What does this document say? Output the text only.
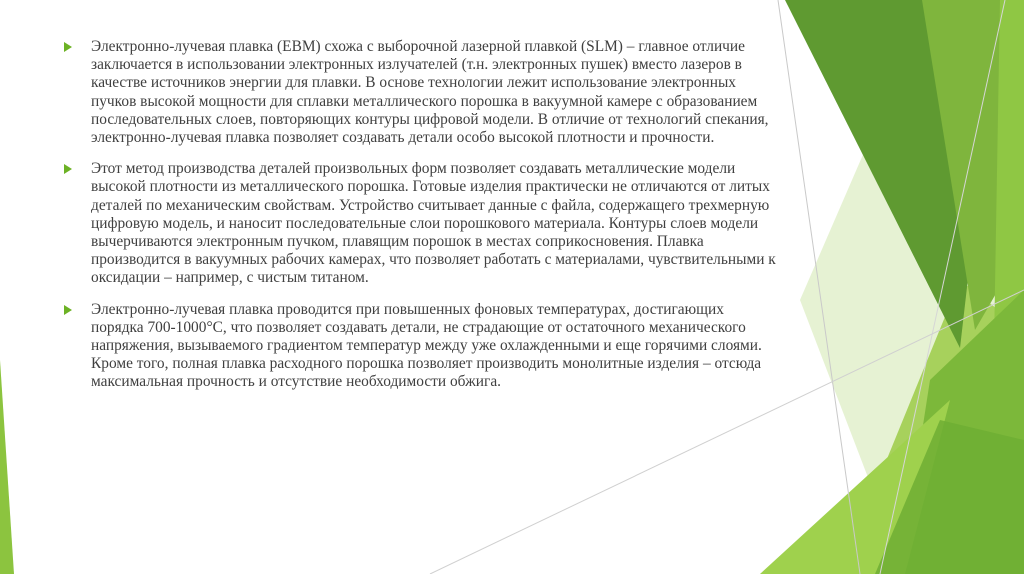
Электронно-лучевая плавка (EBM) схожа с выборочной лазерной плавкой (SLM) – главное отличие заключается в использовании электронных излучателей (т.н. электронных пушек) вместо лазеров в качестве источников энергии для плавки. В основе технологии лежит использование электронных пучков высокой мощности для сплавки металлического порошка в вакуумной камере с образованием последовательных слоев, повторяющих контуры цифровой модели. В отличие от технологий спекания, электронно-лучевая плавка позволяет создавать детали особо высокой плотности и прочности.
Этот метод производства деталей произвольных форм позволяет создавать металлические модели высокой плотности из металлического порошка. Готовые изделия практически не отличаются от литых деталей по механическим свойствам. Устройство считывает данные с файла, содержащего трехмерную цифровую модель, и наносит последовательные слои порошкового материала. Контуры слоев модели вычерчиваются электронным пучком, плавящим порошок в местах соприкосновения. Плавка производится в вакуумных рабочих камерах, что позволяет работать с материалами, чувствительными к оксидации – например, с чистым титаном.
Электронно-лучевая плавка проводится при повышенных фоновых температурах, достигающих порядка 700-1000°C, что позволяет создавать детали, не страдающие от остаточного механического напряжения, вызываемого градиентом температур между уже охлажденными и еще горячими слоями. Кроме того, полная плавка расходного порошка позволяет производить монолитные изделия – отсюда максимальная прочность и отсутствие необходимости обжига.
